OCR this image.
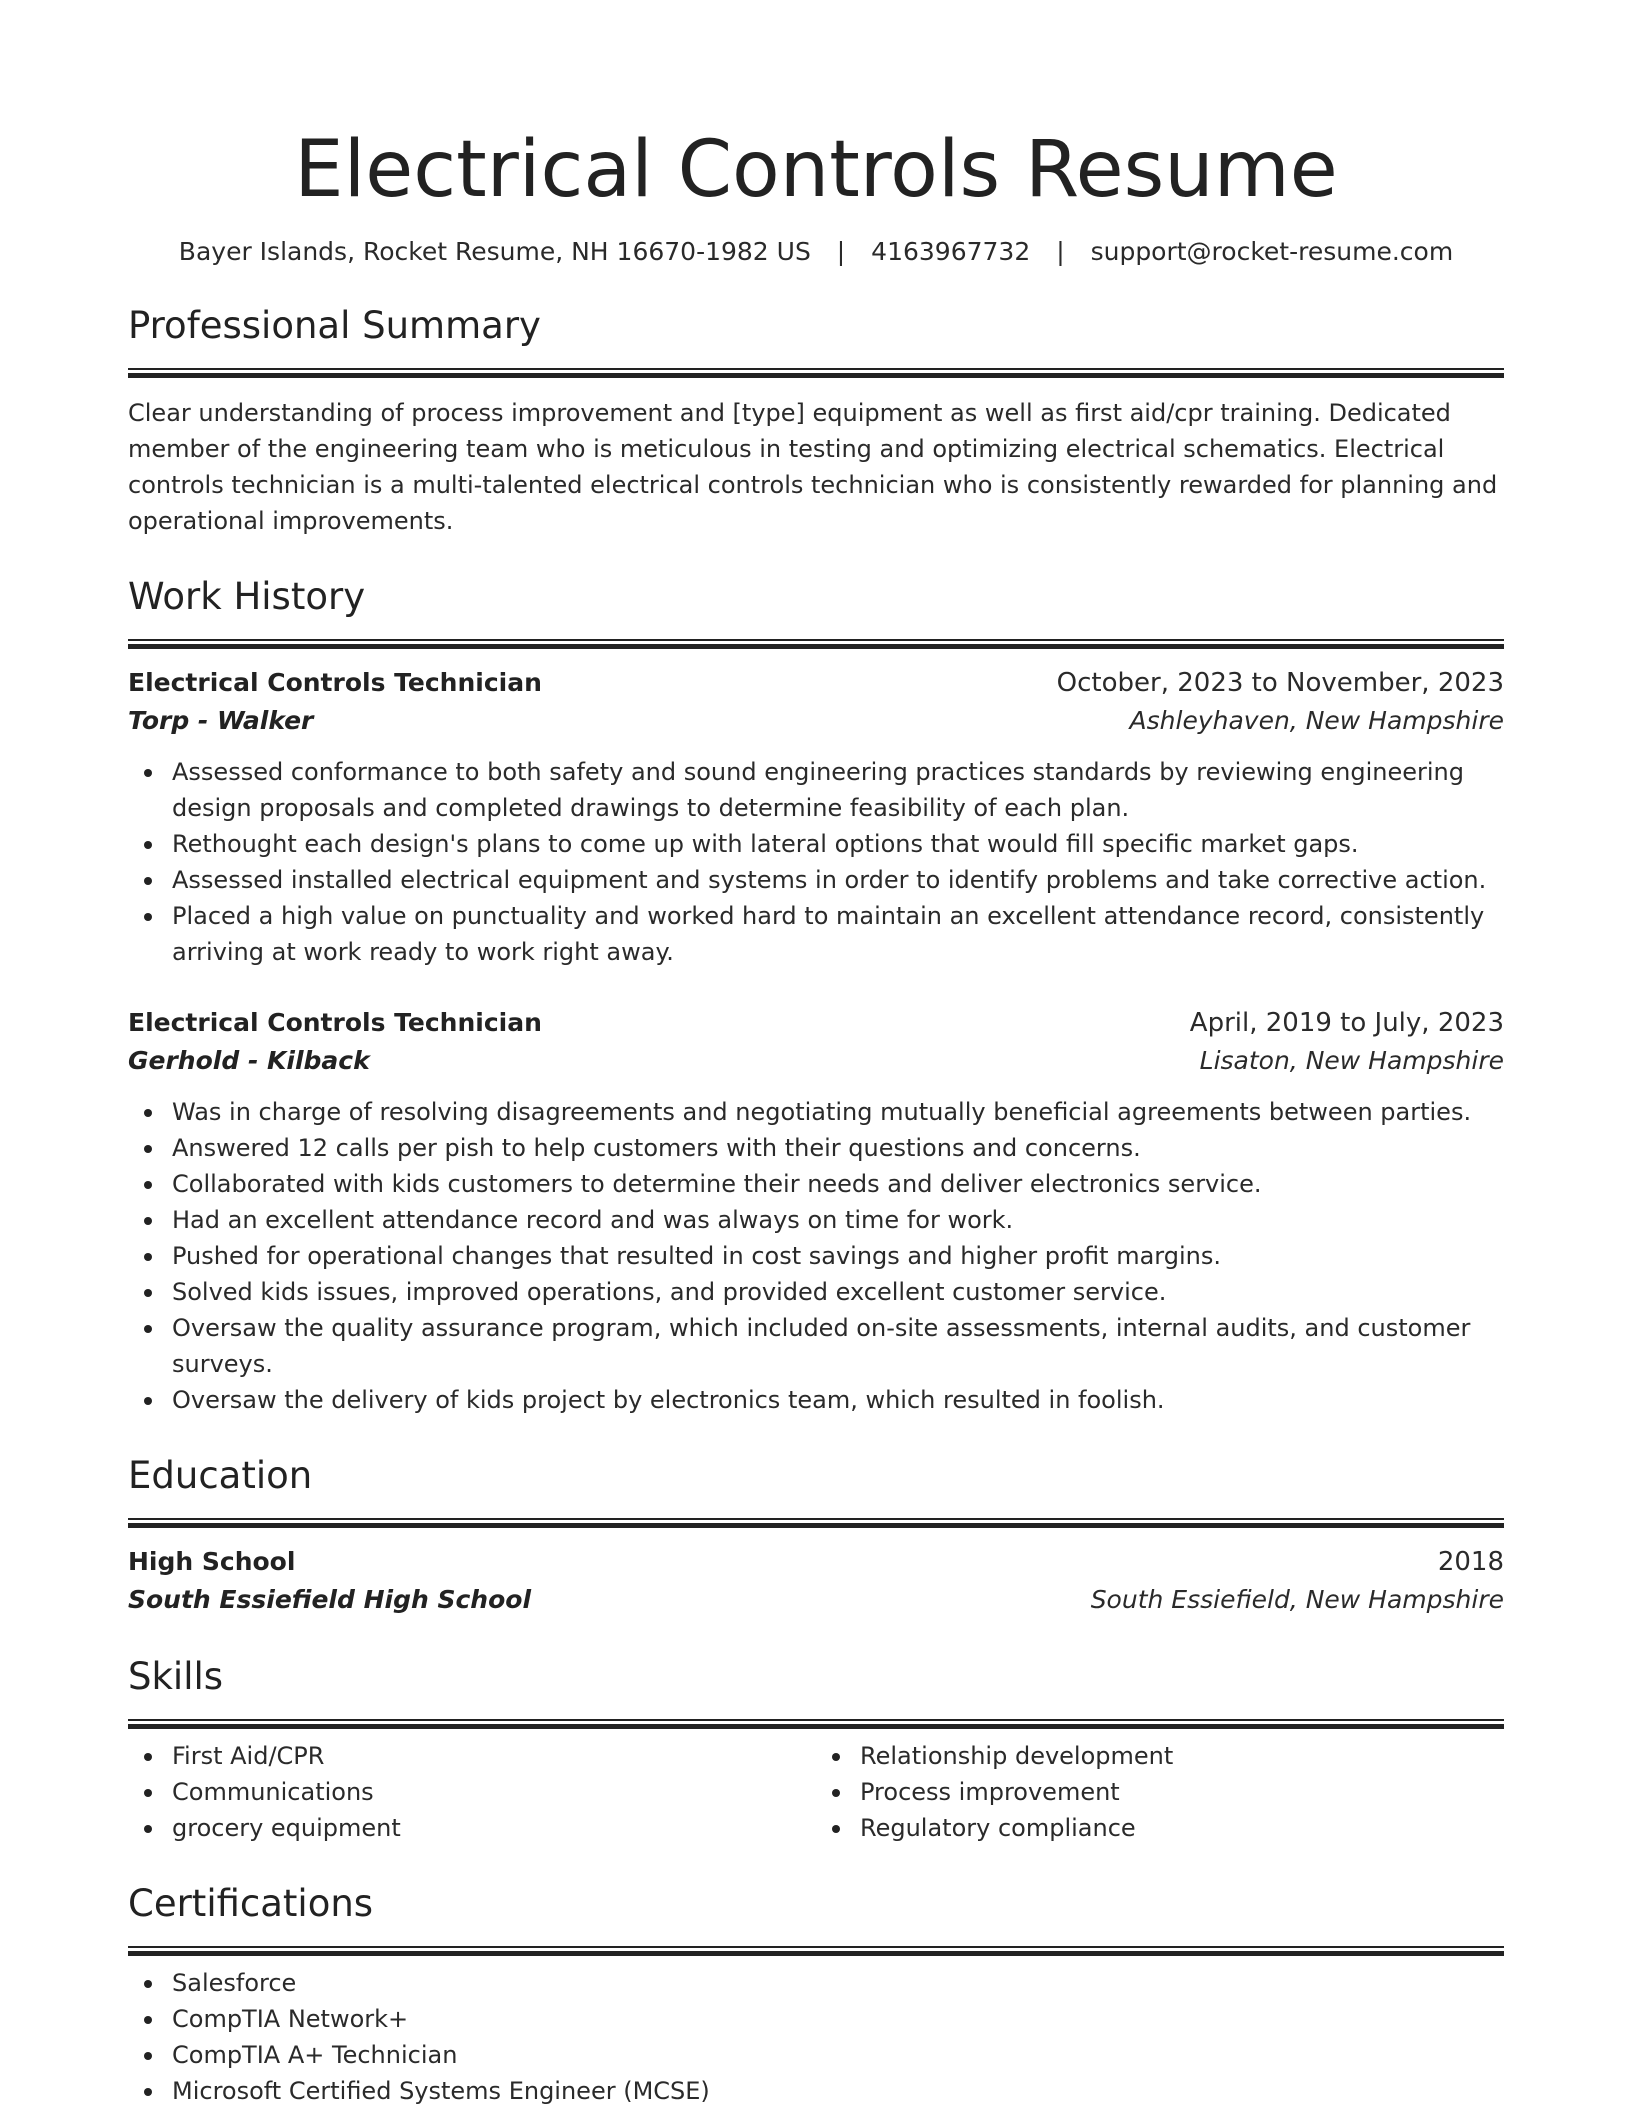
Electrical Controls Resume
Bayer Islands, Rocket Resume, NH 16670-1982 US | 4163967732 | support@rocket-resume.com
Professional Summary

Clear understanding of process improvement and [type] equipment as well as first aid/cpr training. Dedicated member of the engineering team who is meticulous in testing and optimizing electrical schematics. Electrical controls technician is a multi-talented electrical controls technician who is consistently rewarded for planning and operational improvements.

Work History
Electrical Controls Technician	October, 2023 to November, 2023
Torp - Walker	Ashleyhaven, New Hampshire
Assessed conformance to both safety and sound engineering practices standards by reviewing engineering design proposals and completed drawings to determine feasibility of each plan.
Rethought each design's plans to come up with lateral options that would fill specific market gaps.
Assessed installed electrical equipment and systems in order to identify problems and take corrective action.
Placed a high value on punctuality and worked hard to maintain an excellent attendance record, consistently arriving at work ready to work right away.
Electrical Controls Technician	April, 2019 to July, 2023
Gerhold - Kilback	Lisaton, New Hampshire
Was in charge of resolving disagreements and negotiating mutually beneficial agreements between parties.
Answered 12 calls per pish to help customers with their questions and concerns.
Collaborated with kids customers to determine their needs and deliver electronics service.
Had an excellent attendance record and was always on time for work.
Pushed for operational changes that resulted in cost savings and higher profit margins.
Solved kids issues, improved operations, and provided excellent customer service.
Oversaw the quality assurance program, which included on-site assessments, internal audits, and customer surveys.
Oversaw the delivery of kids project by electronics team, which resulted in foolish.
Education
High School	2018
South Essiefield High School	South Essiefield, New Hampshire
Skills
First Aid/CPR
Communications
grocery equipment
Relationship development
Process improvement
Regulatory compliance
Certifications
Salesforce
CompTIA Network+
CompTIA A+ Technician
Microsoft Certified Systems Engineer (MCSE)
